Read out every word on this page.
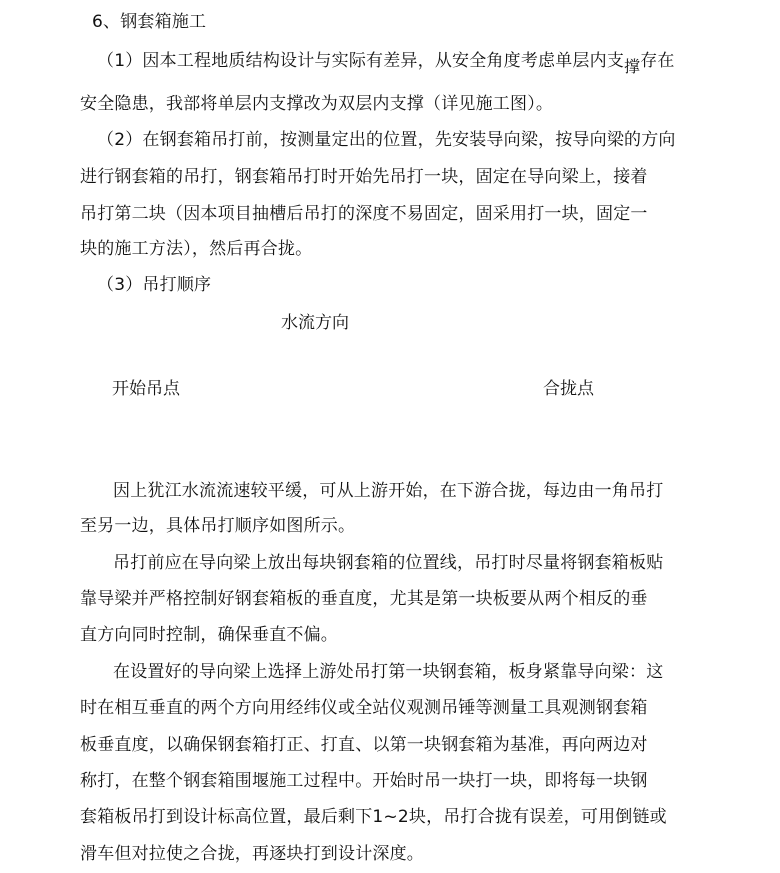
6、钢套箱施工
（1）因本工程地质结构设计与实际有差异，从安全角度考虑单层内支撑存在
安全隐患，我部将单层内支撑改为双层内支撑（详见施工图）。
（2）在钢套箱吊打前，按测量定出的位置，先安装导向梁，按导向梁的方向
进行钢套箱的吊打，钢套箱吊打时开始先吊打一块，固定在导向梁上，接着
吊打第二块（因本项目抽槽后吊打的深度不易固定，固采用打一块，固定一
块的施工方法），然后再合拢。
（3）吊打顺序
水流方向
开始吊点	合拢点
因上犹江水流流速较平缓，可从上游开始，在下游合拢，每边由一角吊打
至另一边，具体吊打顺序如图所示。
吊打前应在导向梁上放出每块钢套箱的位置线，吊打时尽量将钢套箱板贴
靠导梁并严格控制好钢套箱板的垂直度，尤其是第一块板要从两个相反的垂
直方向同时控制，确保垂直不偏。
在设置好的导向梁上选择上游处吊打第一块钢套箱，板身紧靠导向梁：这
时在相互垂直的两个方向用经纬仪或全站仪观测吊锤等测量工具观测钢套箱
板垂直度，以确保钢套箱打正、打直、以第一块钢套箱为基准，再向两边对
称打，在整个钢套箱围堰施工过程中。开始时吊一块打一块，即将每一块钢
套箱板吊打到设计标高位置，最后剩下1~2块，吊打合拢有误差，可用倒链或
滑车但对拉使之合拢，再逐块打到设计深度。
